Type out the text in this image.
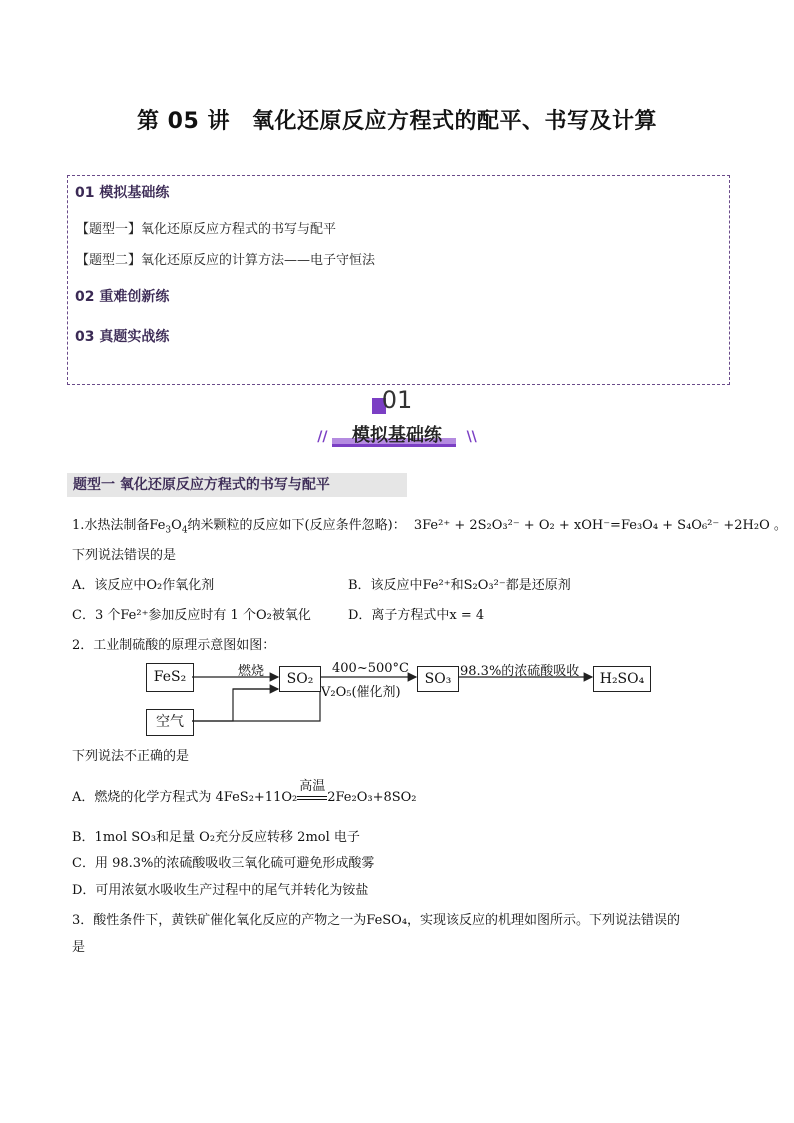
第 05 讲 氧化还原反应方程式的配平、书写及计算
01 模拟基础练
【题型一】氧化还原反应方程式的书写与配平
【题型二】氧化还原反应的计算方法——电子守恒法
02 重难创新练
03 真题实战练
01
// 模拟基础练 \\
题型一 氧化还原反应方程式的书写与配平
1.水热法制备$Fe_3O_4$纳米颗粒的反应如下(反应条件忽略)： 3Fe²⁺ + 2S₂O₃²⁻ + O₂ + xOH⁻=Fe₃O₄ + S₄O₆²⁻ +2H₂O 。
下列说法错误的是
A．该反应中O₂作氧化剂	B．该反应中Fe²⁺和S₂O₃²⁻都是还原剂
C．3 个Fe²⁺参加反应时有 1 个O₂被氧化	D．离子方程式中x = 4
2．工业制硫酸的原理示意图如图：
FeS₂	SO₂	SO₃	H₂SO₄
空气
燃烧	400~500°C
V₂O₅(催化剂)
98.3%的浓硫酸吸收
下列说法不正确的是
A．燃烧的化学方程式为 4FeS₂+11O₂
高温
2Fe₂O₃+8SO₂
B．1mol SO₃和足量 O₂充分反应转移 2mol 电子
C．用 98.3%的浓硫酸吸收三氧化硫可避免形成酸雾
D．可用浓氨水吸收生产过程中的尾气并转化为铵盐
3．酸性条件下，黄铁矿催化氧化反应的产物之一为FeSO₄，实现该反应的机理如图所示。下列说法错误的
是
